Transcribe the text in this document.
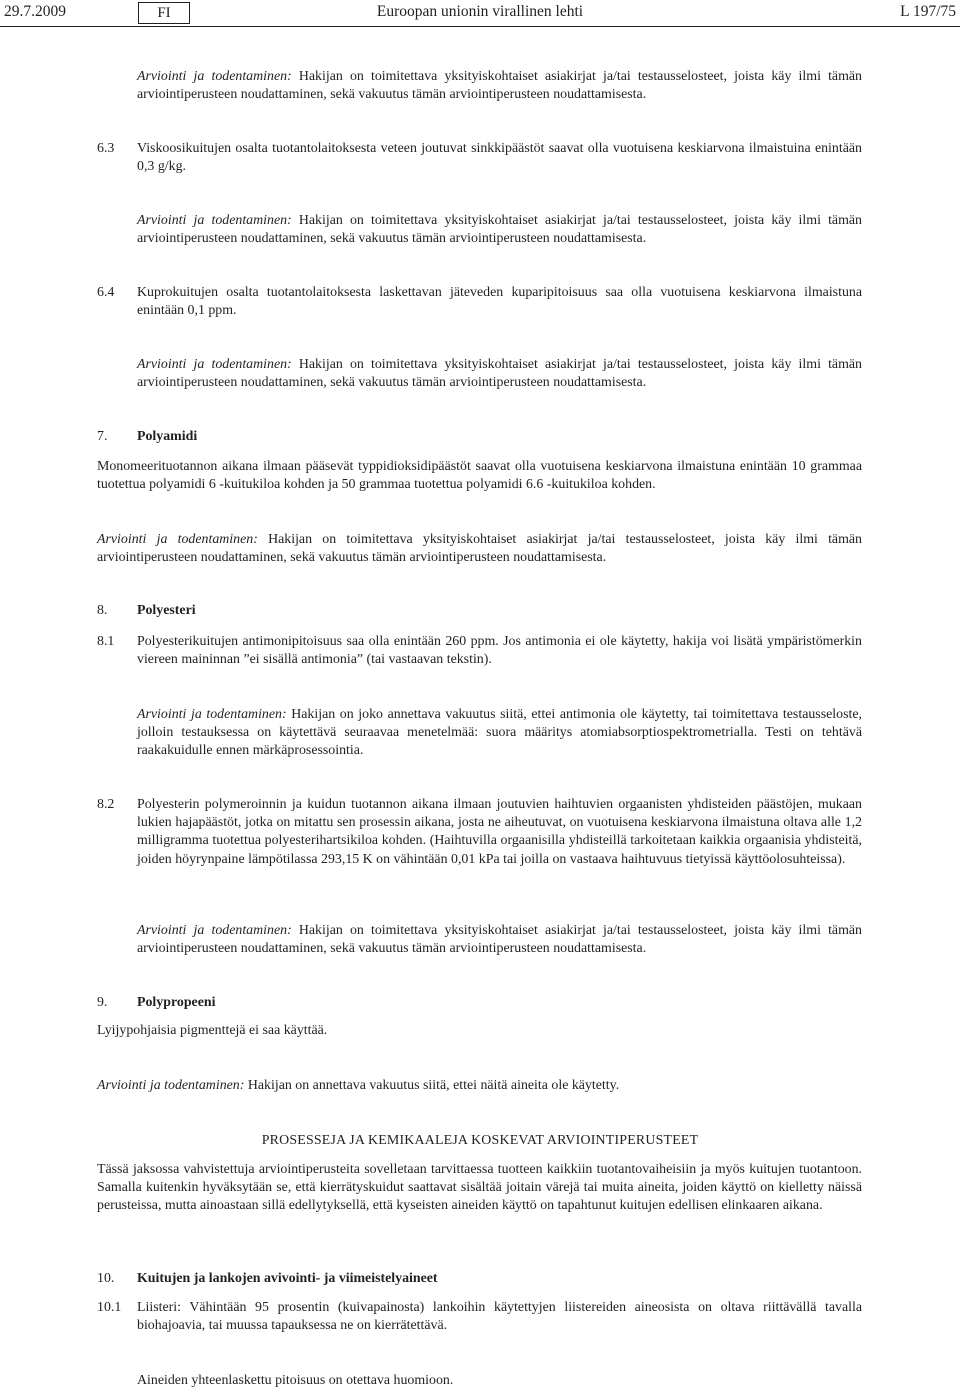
29.7.2009	FI	Euroopan unionin virallinen lehti	L 197/75
Arviointi ja todentaminen: Hakijan on toimitettava yksityiskohtaiset asiakirjat ja/tai testausselosteet, joista käy ilmi tämän arviointiperusteen noudattaminen, sekä vakuutus tämän arviointiperusteen noudattamisesta.
6.3 Viskoosikuitujen osalta tuotantolaitoksesta veteen joutuvat sinkkipäästöt saavat olla vuotuisena keskiarvona ilmaistuina enintään 0,3 g/kg.
Arviointi ja todentaminen: Hakijan on toimitettava yksityiskohtaiset asiakirjat ja/tai testausselosteet, joista käy ilmi tämän arviointiperusteen noudattaminen, sekä vakuutus tämän arviointiperusteen noudattamisesta.
6.4 Kuprokuitujen osalta tuotantolaitoksesta laskettavan jäteveden kuparipitoisuus saa olla vuotuisena keskiarvona ilmaistuna enintään 0,1 ppm.
Arviointi ja todentaminen: Hakijan on toimitettava yksityiskohtaiset asiakirjat ja/tai testausselosteet, joista käy ilmi tämän arviointiperusteen noudattaminen, sekä vakuutus tämän arviointiperusteen noudattamisesta.
7. Polyamidi
Monomeerituotannon aikana ilmaan pääsevät typpidioksidipäästöt saavat olla vuotuisena keskiarvona ilmaistuna enintään 10 grammaa tuotettua polyamidi 6 -kuitukiloa kohden ja 50 grammaa tuotettua polyamidi 6.6 -kuitukiloa kohden.
Arviointi ja todentaminen: Hakijan on toimitettava yksityiskohtaiset asiakirjat ja/tai testausselosteet, joista käy ilmi tämän arviointiperusteen noudattaminen, sekä vakuutus tämän arviointiperusteen noudattamisesta.
8. Polyesteri
8.1 Polyesterikuitujen antimonipitoisuus saa olla enintään 260 ppm. Jos antimonia ei ole käytetty, hakija voi lisätä ympäristömerkin viereen maininnan ”ei sisällä antimonia” (tai vastaavan tekstin).
Arviointi ja todentaminen: Hakijan on joko annettava vakuutus siitä, ettei antimonia ole käytetty, tai toimitettava testausseloste, jolloin testauksessa on käytettävä seuraavaa menetelmää: suora määritys atomiabsorptiospektrometrialla. Testi on tehtävä raakakuidulle ennen märkäprosessointia.
8.2 Polyesterin polymeroinnin ja kuidun tuotannon aikana ilmaan joutuvien haihtuvien orgaanisten yhdisteiden päästöjen, mukaan lukien hajapäästöt, jotka on mitattu sen prosessin aikana, josta ne aiheutuvat, on vuotuisena keskiarvona ilmaistuna oltava alle 1,2 milligramma tuotettua polyesterihartsikiloa kohden. (Haihtuvilla orgaanisilla yhdisteillä tarkoitetaan kaikkia orgaanisia yhdisteitä, joiden höyrynpaine lämpötilassa 293,15 K on vähintään 0,01 kPa tai joilla on vastaava haihtuvuus tietyissä käyttöolosuhteissa).
Arviointi ja todentaminen: Hakijan on toimitettava yksityiskohtaiset asiakirjat ja/tai testausselosteet, joista käy ilmi tämän arviointiperusteen noudattaminen, sekä vakuutus tämän arviointiperusteen noudattamisesta.
9. Polypropeeni
Lyijypohjaisia pigmenttejä ei saa käyttää.
Arviointi ja todentaminen: Hakijan on annettava vakuutus siitä, ettei näitä aineita ole käytetty.
PROSESSEJA JA KEMIKAALEJA KOSKEVAT ARVIOINTIPERUSTEET
Tässä jaksossa vahvistettuja arviointiperusteita sovelletaan tarvittaessa tuotteen kaikkiin tuotantovaiheisiin ja myös kuitujen tuotantoon. Samalla kuitenkin hyväksytään se, että kierrätyskuidut saattavat sisältää joitain värejä tai muita aineita, joiden käyttö on kielletty näissä perusteissa, mutta ainoastaan sillä edellytyksellä, että kyseisten aineiden käyttö on tapahtunut kuitujen edellisen elinkaaren aikana.
10. Kuitujen ja lankojen avivointi- ja viimeistelyaineet
10.1 Liisteri: Vähintään 95 prosentin (kuivapainosta) lankoihin käytettyjen liistereiden aineosista on oltava riittävällä tavalla biohajoavia, tai muussa tapauksessa ne on kierrätettävä.
Aineiden yhteenlaskettu pitoisuus on otettava huomioon.
